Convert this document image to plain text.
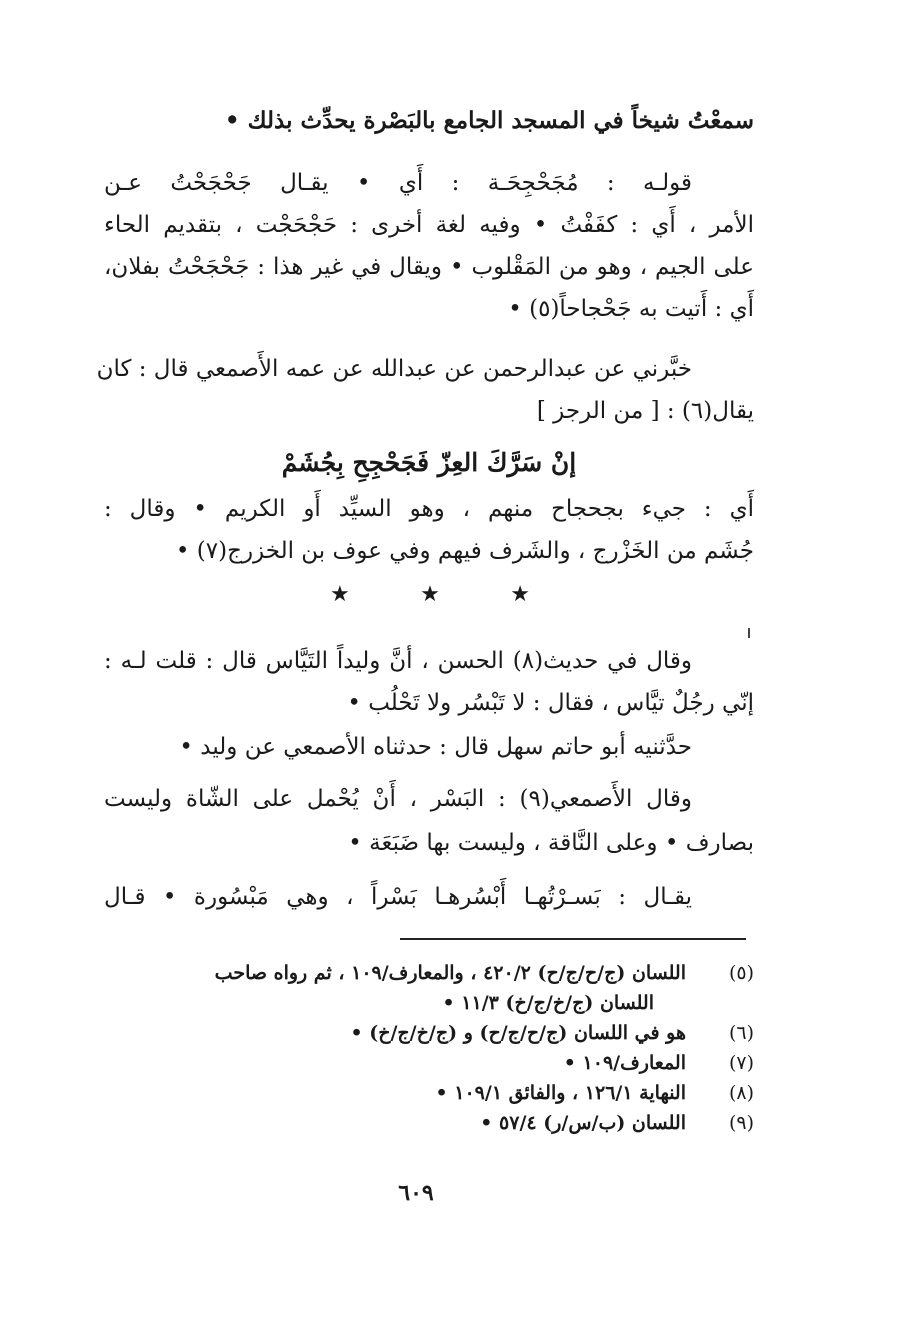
سمعْتُ شيخاً في المسجد الجامع بالبَصْرة يحدِّث بذلك •
قولـه : مُجَحْجِحَـة : أَي • يقـال جَحْجَحْتُ عـن
الأمر ، أَي : كفَفْتُ • وفيه لغة أخرى : حَجْحَجْت ، بتقديم الحاء
على الجيم ، وهو من المَقْلوب • ويقال في غير هذا : جَحْجَحْتُ بفلان،
أَي : أَتيت به جَحْجاحاً(٥) •
خبَّرني عن عبدالرحمن عن عبدالله عن عمه الأَصمعي قال : كان
يقال(٦) : [ من الرجز ]
إنْ سَرَّكَ العِزّ فَجَحْجِحِ بِجُشَمْ
أَي : جيء بجحجاح منهم ، وهو السيِّد أَو الكريم • وقال :
جُشَم من الخَزْرج ، والشَرف فيهم وفي عوف بن الخزرج(٧) •
★	★	★
وقال في حديث(٨) الحسن ، أنَّ وليداً التَيَّاس قال : قلت لـه :
إنّي رجُلٌ تيَّاس ، فقال : لا تَبْسُر ولا تَحْلُب •
حدَّثنيه أبو حاتم سهل قال : حدثناه الأصمعي عن وليد •
وقال الأَصمعي(٩) : البَسْر ، أَنْ يُحْمل على الشّاة وليست
بصارف • وعلى النَّاقة ، وليست بها ضَبَعَة •
يقـال : بَسـرْتُهـا أَبْسُرهـا بَسْراً ، وهي مَبْسُورة • قـال
(٥)
اللسان (ج/ح/ج/ح) ٤٢٠/٢ ، والمعارف/١٠٩ ، ثم رواه صاحب
اللسان (ج/خ/ج/خ) ١١/٣ •
(٦)
هو في اللسان (ج/ح/ج/ح) و (ج/خ/ج/خ) •
(٧)
المعارف/١٠٩ •
(٨)
النهاية ١٢٦/١ ، والفائق ١٠٩/١ •
(٩)
اللسان (ب/س/ر) ٥٧/٤ •
٦٠٩
